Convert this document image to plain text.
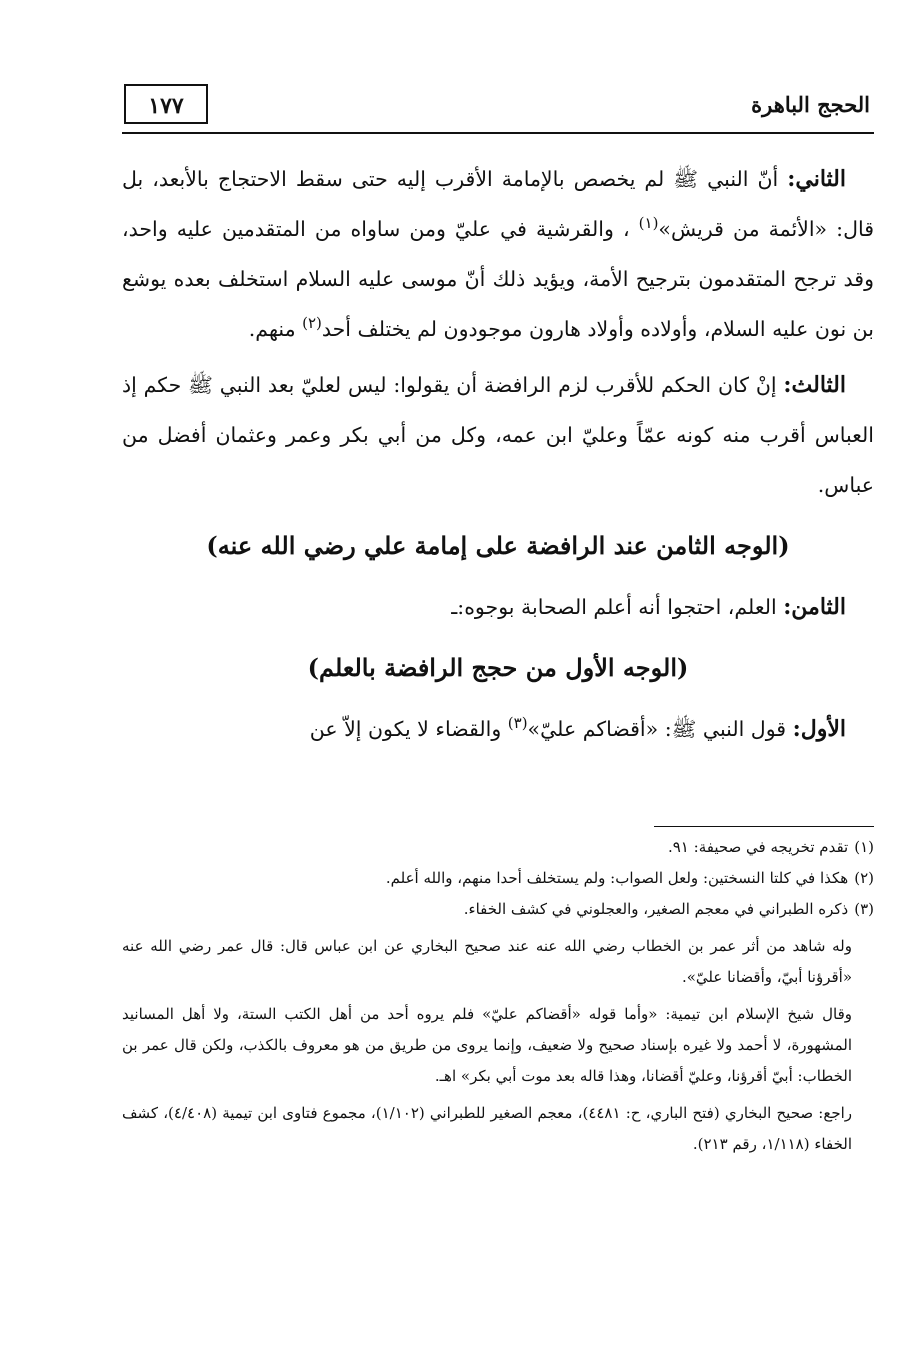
الحجج الباهرة
١٧٧

الثاني: أنّ النبي ﷺ لم يخصص بالإمامة الأقرب إليه حتى سقط الاحتجاج بالأبعد، بل قال: «الأئمة من قريش»$^{(١)}$ ، والقرشية في عليّ ومن ساواه من المتقدمين عليه واحد، وقد ترجح المتقدمون بترجيح الأمة، ويؤيد ذلك أنّ موسى عليه السلام استخلف بعده يوشع بن نون عليه السلام، وأولاده وأولاد هارون موجودون لم يختلف أحد$^{(٢)}$ منهم.

الثالث: إنْ كان الحكم للأقرب لزم الرافضة أن يقولوا: ليس لعليّ بعد النبي ﷺ حكم إذ العباس أقرب منه كونه عمّاً وعليّ ابن عمه، وكل من أبي بكر وعمر وعثمان أفضل من عباس.

(الوجه الثامن عند الرافضة على إمامة علي رضي الله عنه)

الثامن: العلم، احتجوا أنه أعلم الصحابة بوجوه:ـ

(الوجه الأول من حجج الرافضة بالعلم)

الأول: قول النبي ﷺ: «أقضاكم عليّ»$^{(٣)}$ والقضاء لا يكون إلاّ عن

(١)تقدم تخريجه في صحيفة: ٩١.

(٢)هكذا في كلتا النسختين: ولعل الصواب: ولم يستخلف أحدا منهم، والله أعلم.

(٣)ذكره الطبراني في معجم الصغير، والعجلوني في كشف الخفاء.

وله شاهد من أثر عمر بن الخطاب رضي الله عنه عند صحيح البخاري عن ابن عباس قال: قال عمر رضي الله عنه «أقرؤنا أبيّ، وأقضانا عليّ».

وقال شيخ الإسلام ابن تيمية: «وأما قوله «أقضاكم عليّ» فلم يروه أحد من أهل الكتب الستة، ولا أهل المسانيد المشهورة، لا أحمد ولا غيره بإسناد صحيح ولا ضعيف، وإنما يروى من طريق من هو معروف بالكذب، ولكن قال عمر بن الخطاب: أبيّ أقرؤنا، وعليّ أقضانا، وهذا قاله بعد موت أبي بكر» اهـ.

راجع: صحيح البخاري (فتح الباري، ح: ٤٤٨١)، معجم الصغير للطبراني (١/١٠٢)، مجموع فتاوى ابن تيمية (٤/٤٠٨)، كشف الخفاء (١/١١٨، رقم ٢١٣).
